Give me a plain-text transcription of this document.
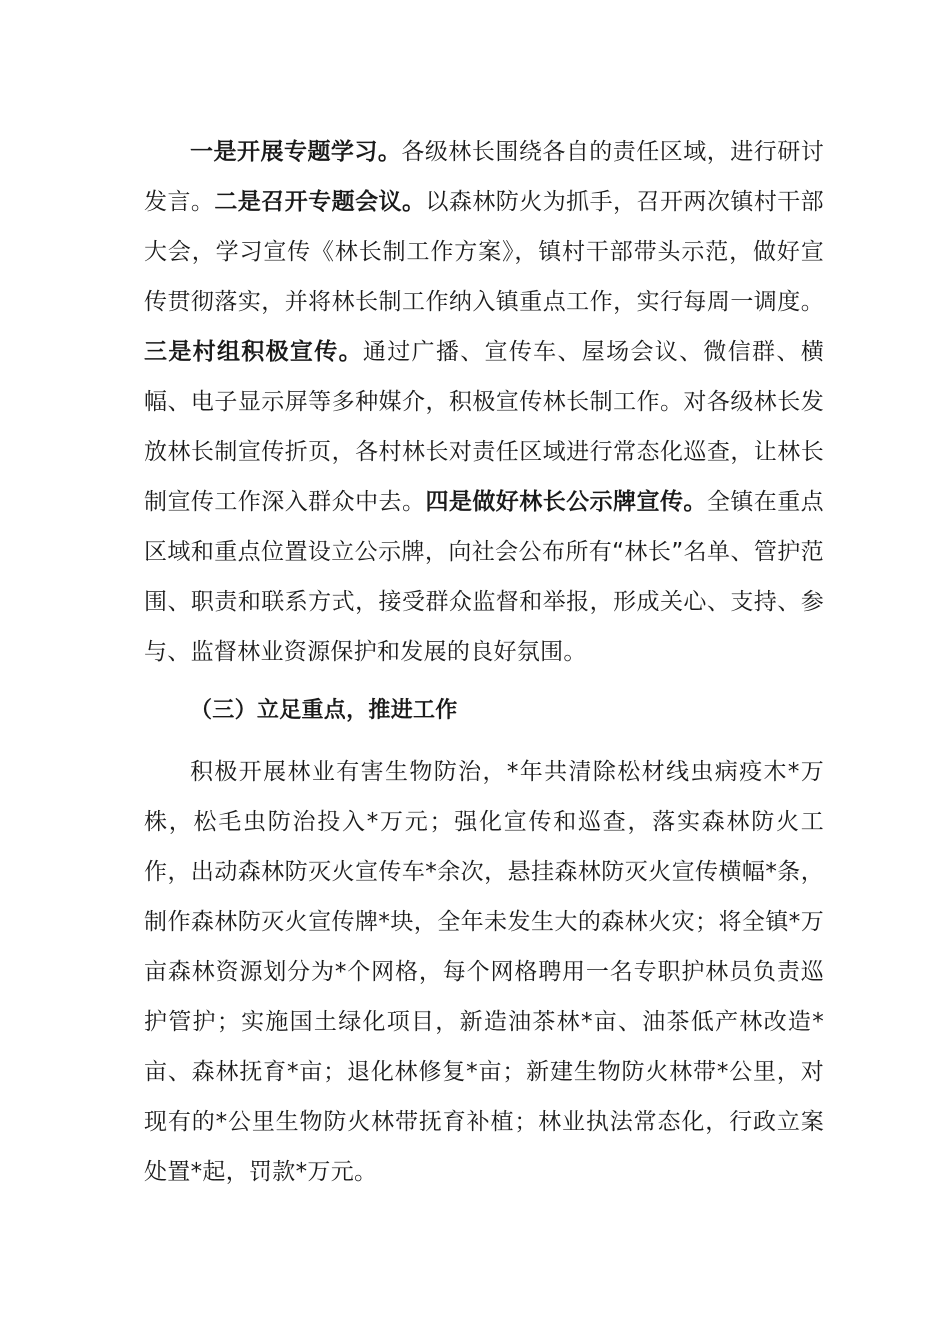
一是开展专题学习。各级林长围绕各自的责任区域，进行研讨发言。二是召开专题会议。以森林防火为抓手，召开两次镇村干部大会，学习宣传《林长制工作方案》，镇村干部带头示范，做好宣传贯彻落实，并将林长制工作纳入镇重点工作，实行每周一调度。三是村组积极宣传。通过广播、宣传车、屋场会议、微信群、横幅、电子显示屏等多种媒介，积极宣传林长制工作。对各级林长发放林长制宣传折页，各村林长对责任区域进行常态化巡查，让林长制宣传工作深入群众中去。四是做好林长公示牌宣传。全镇在重点区域和重点位置设立公示牌，向社会公布所有“林长”名单、管护范围、职责和联系方式，接受群众监督和举报，形成关心、支持、参与、监督林业资源保护和发展的良好氛围。

（三）立足重点，推进工作

积极开展林业有害生物防治，*年共清除松材线虫病疫木*万株，松毛虫防治投入*万元；强化宣传和巡查，落实森林防火工作，出动森林防灭火宣传车*余次，悬挂森林防灭火宣传横幅*条，制作森林防灭火宣传牌*块，全年未发生大的森林火灾；将全镇*万亩森林资源划分为*个网格，每个网格聘用一名专职护林员负责巡护管护；实施国土绿化项目，新造油茶林*亩、油茶低产林改造*亩、森林抚育*亩；退化林修复*亩；新建生物防火林带*公里，对现有的*公里生物防火林带抚育补植；林业执法常态化，行政立案处置*起，罚款*万元。
